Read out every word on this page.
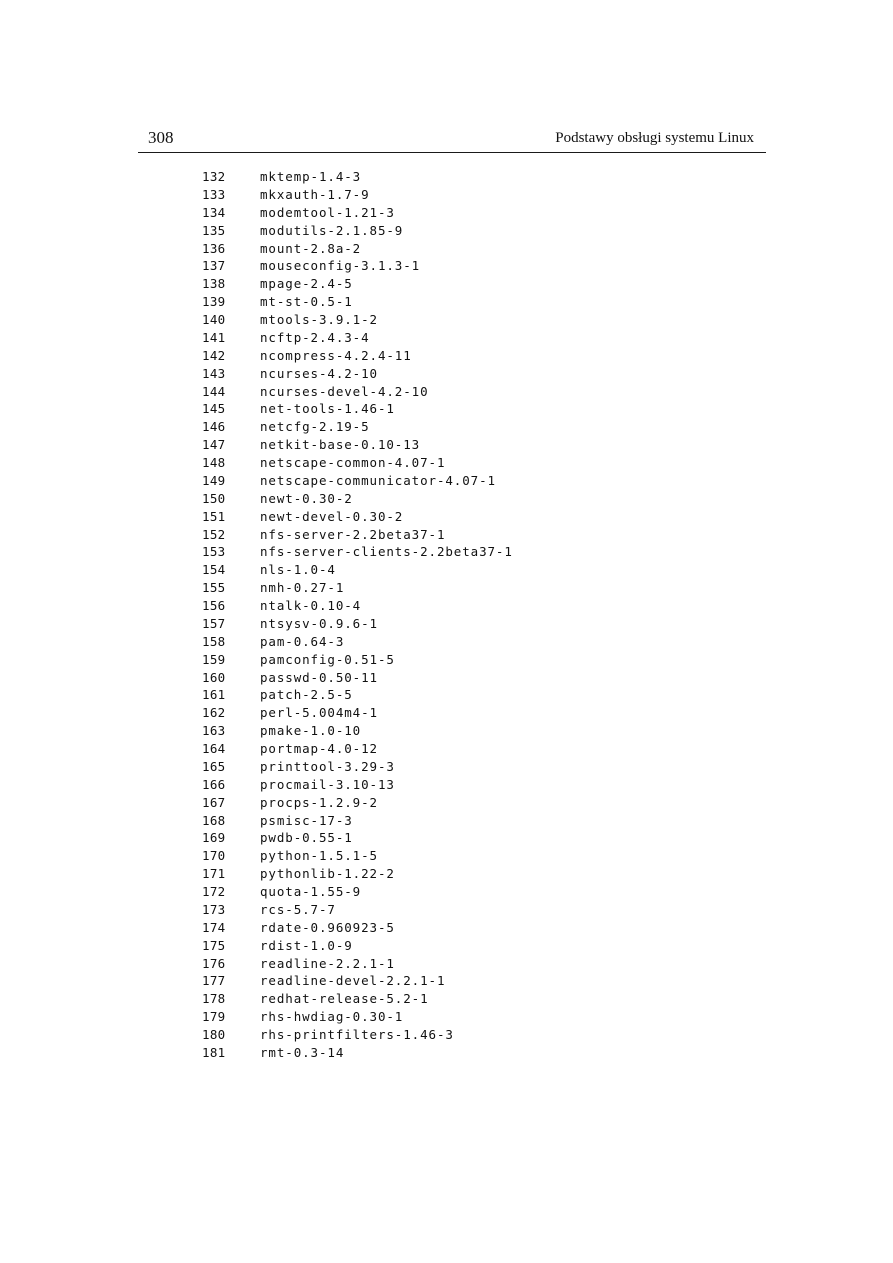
308	Podstawy obsługi systemu Linux
132	mktemp-1.4-3
133	mkxauth-1.7-9
134	modemtool-1.21-3
135	modutils-2.1.85-9
136	mount-2.8a-2
137	mouseconfig-3.1.3-1
138	mpage-2.4-5
139	mt-st-0.5-1
140	mtools-3.9.1-2
141	ncftp-2.4.3-4
142	ncompress-4.2.4-11
143	ncurses-4.2-10
144	ncurses-devel-4.2-10
145	net-tools-1.46-1
146	netcfg-2.19-5
147	netkit-base-0.10-13
148	netscape-common-4.07-1
149	netscape-communicator-4.07-1
150	newt-0.30-2
151	newt-devel-0.30-2
152	nfs-server-2.2beta37-1
153	nfs-server-clients-2.2beta37-1
154	nls-1.0-4
155	nmh-0.27-1
156	ntalk-0.10-4
157	ntsysv-0.9.6-1
158	pam-0.64-3
159	pamconfig-0.51-5
160	passwd-0.50-11
161	patch-2.5-5
162	perl-5.004m4-1
163	pmake-1.0-10
164	portmap-4.0-12
165	printtool-3.29-3
166	procmail-3.10-13
167	procps-1.2.9-2
168	psmisc-17-3
169	pwdb-0.55-1
170	python-1.5.1-5
171	pythonlib-1.22-2
172	quota-1.55-9
173	rcs-5.7-7
174	rdate-0.960923-5
175	rdist-1.0-9
176	readline-2.2.1-1
177	readline-devel-2.2.1-1
178	redhat-release-5.2-1
179	rhs-hwdiag-0.30-1
180	rhs-printfilters-1.46-3
181	rmt-0.3-14
